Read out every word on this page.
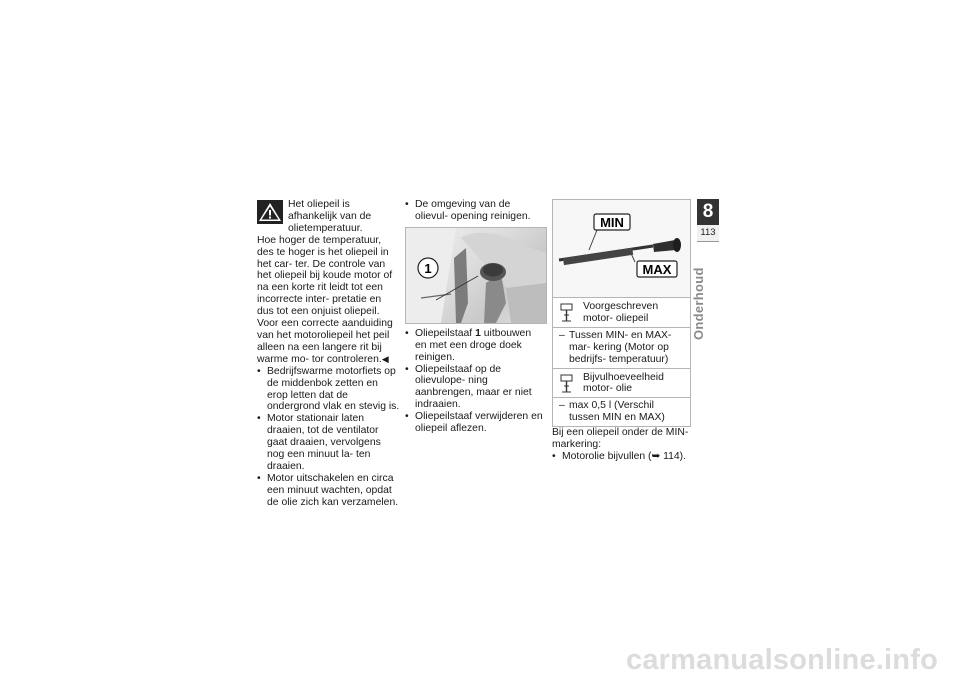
Het oliepeil is afhankelijk van de olietemperatuur.

Hoe hoger de temperatuur, des te hoger is het oliepeil in het car- ter. De controle van het oliepeil bij koude motor of na een korte rit leidt tot een incorrecte inter- pretatie en dus tot een onjuist oliepeil.

Voor een correcte aanduiding van het motoroliepeil het peil alleen na een langere rit bij warme mo- tor controleren.◀

• Bedrijfswarme motorfiets op de middenbok zetten en erop letten dat de ondergrond vlak en stevig is.
• Motor stationair laten draaien, tot de ventilator gaat draaien, vervolgens nog een minuut la- ten draaien.
• Motor uitschakelen en circa een minuut wachten, opdat de olie zich kan verzamelen.
• De omgeving van de olievul- opening reinigen.
1
• Oliepeilstaaf 1 uitbouwen en met een droge doek reinigen.
• Oliepeilstaaf op de olievulope- ning aanbrengen, maar er niet indraaien.
• Oliepeilstaaf verwijderen en oliepeil aflezen.
MIN
MAX

Voorgeschreven motor- oliepeil

– Tussen MIN- en MAX-mar- kering (Motor op bedrijfs- temperatuur)

Bijvulhoeveelheid motor- olie

– max 0,5 l (Verschil tussen MIN en MAX)

Bij een oliepeil onder de MIN- markering:

• Motorolie bijvullen (➥ 114).
8
113
Onderhoud
carmanualsonline.info
